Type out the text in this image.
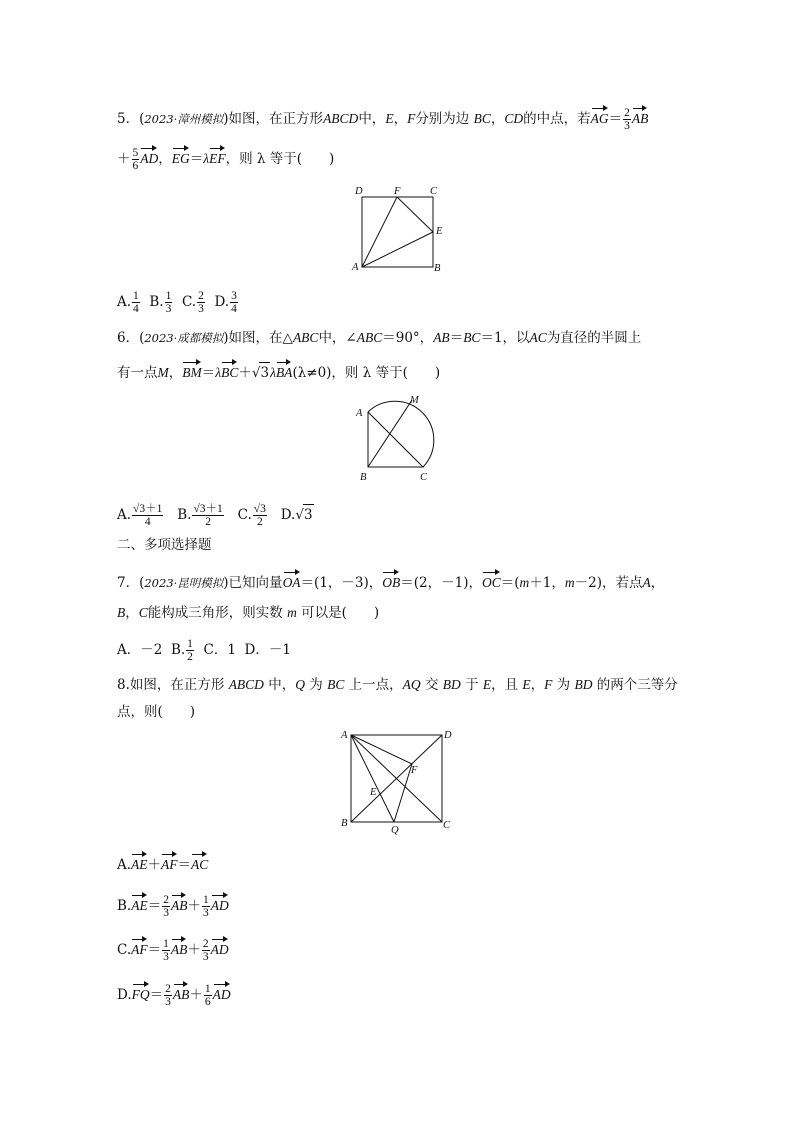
5．(2023·漳州模拟)如图，在正方形ABCD中，E，F分别为边 BC，CD的中点，若$AG= \frac{2}{3}$ AB
＋ $\frac{5}{6}$ AD，EG＝λEF，则 λ 等于(　　)
D	F	C
E
A	B
A. $\frac{1}{4} B$. $\frac{1}{3} C$. $\frac{2}{3} D$. $\frac{3}{4}$
6．(2023·成都模拟)如图，在△ABC中，∠ABC＝90°，AB＝BC＝1，以AC为直径的半圆上
有一点M，BM＝λBC＋√3λBA(λ≠0)，则 λ 等于(　　)
A
M
B	C
A. $\frac{√3+1}{4} B$. $\frac{√3+1}{2} C$. $\frac{√3}{2} D.√3$
二、多项选择题
7．(2023·昆明模拟)已知向量OA＝(1，－3)，OB＝(2，－1)，OC＝(m＋1，m－2)，若点A，
B，C能构成三角形，则实数 m 可以是(　　)
A．－2 B. $\frac{1}{2}$ C．1 D．－1
8.如图，在正方形 ABCD 中，Q 为 BC 上一点，AQ 交 BD 于 E，且 E，F 为 BD 的两个三等分
点，则(　　)
A	D
F
E
B
Q	C
A.AE＋AF＝AC
$B.AE= \frac{2}{3} AB+ \frac{1}{3}$ AD
$C.AF= \frac{1}{3} AB+ \frac{2}{3}$ AD
$D.FQ= \frac{2}{3} AB+ \frac{1}{6}$ AD
